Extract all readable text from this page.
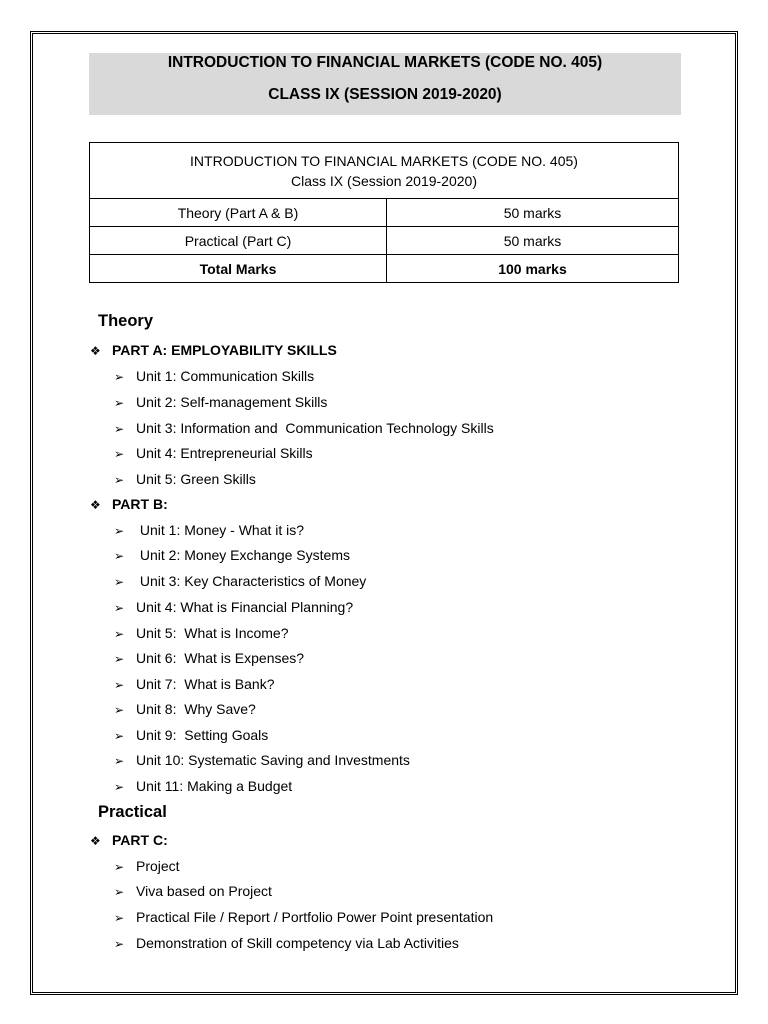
INTRODUCTION TO FINANCIAL MARKETS (CODE NO. 405)
CLASS IX (SESSION 2019-2020)
INTRODUCTION TO FINANCIAL MARKETS (CODE NO. 405)
Class IX (Session 2019-2020)	

Theory (Part A & B)	50 marks
Practical (Part C)	50 marks
Total Marks	100 marks
Theory
❖ PART A: EMPLOYABILITY SKILLS
➢ Unit 1: Communication Skills
➢ Unit 2: Self-management Skills
➢ Unit 3: Information and  Communication Technology Skills
➢ Unit 4: Entrepreneurial Skills
➢ Unit 5: Green Skills
❖ PART B:
➢ Unit 1: Money - What it is?
➢ Unit 2: Money Exchange Systems
➢ Unit 3: Key Characteristics of Money
➢ Unit 4: What is Financial Planning?
➢ Unit 5:  What is Income?
➢ Unit 6:  What is Expenses?
➢ Unit 7:  What is Bank?
➢ Unit 8:  Why Save?
➢ Unit 9:  Setting Goals
➢ Unit 10: Systematic Saving and Investments
➢ Unit 11: Making a Budget
Practical
❖ PART C:
➢ Project
➢ Viva based on Project
➢ Practical File / Report / Portfolio Power Point presentation
➢ Demonstration of Skill competency via Lab Activities
